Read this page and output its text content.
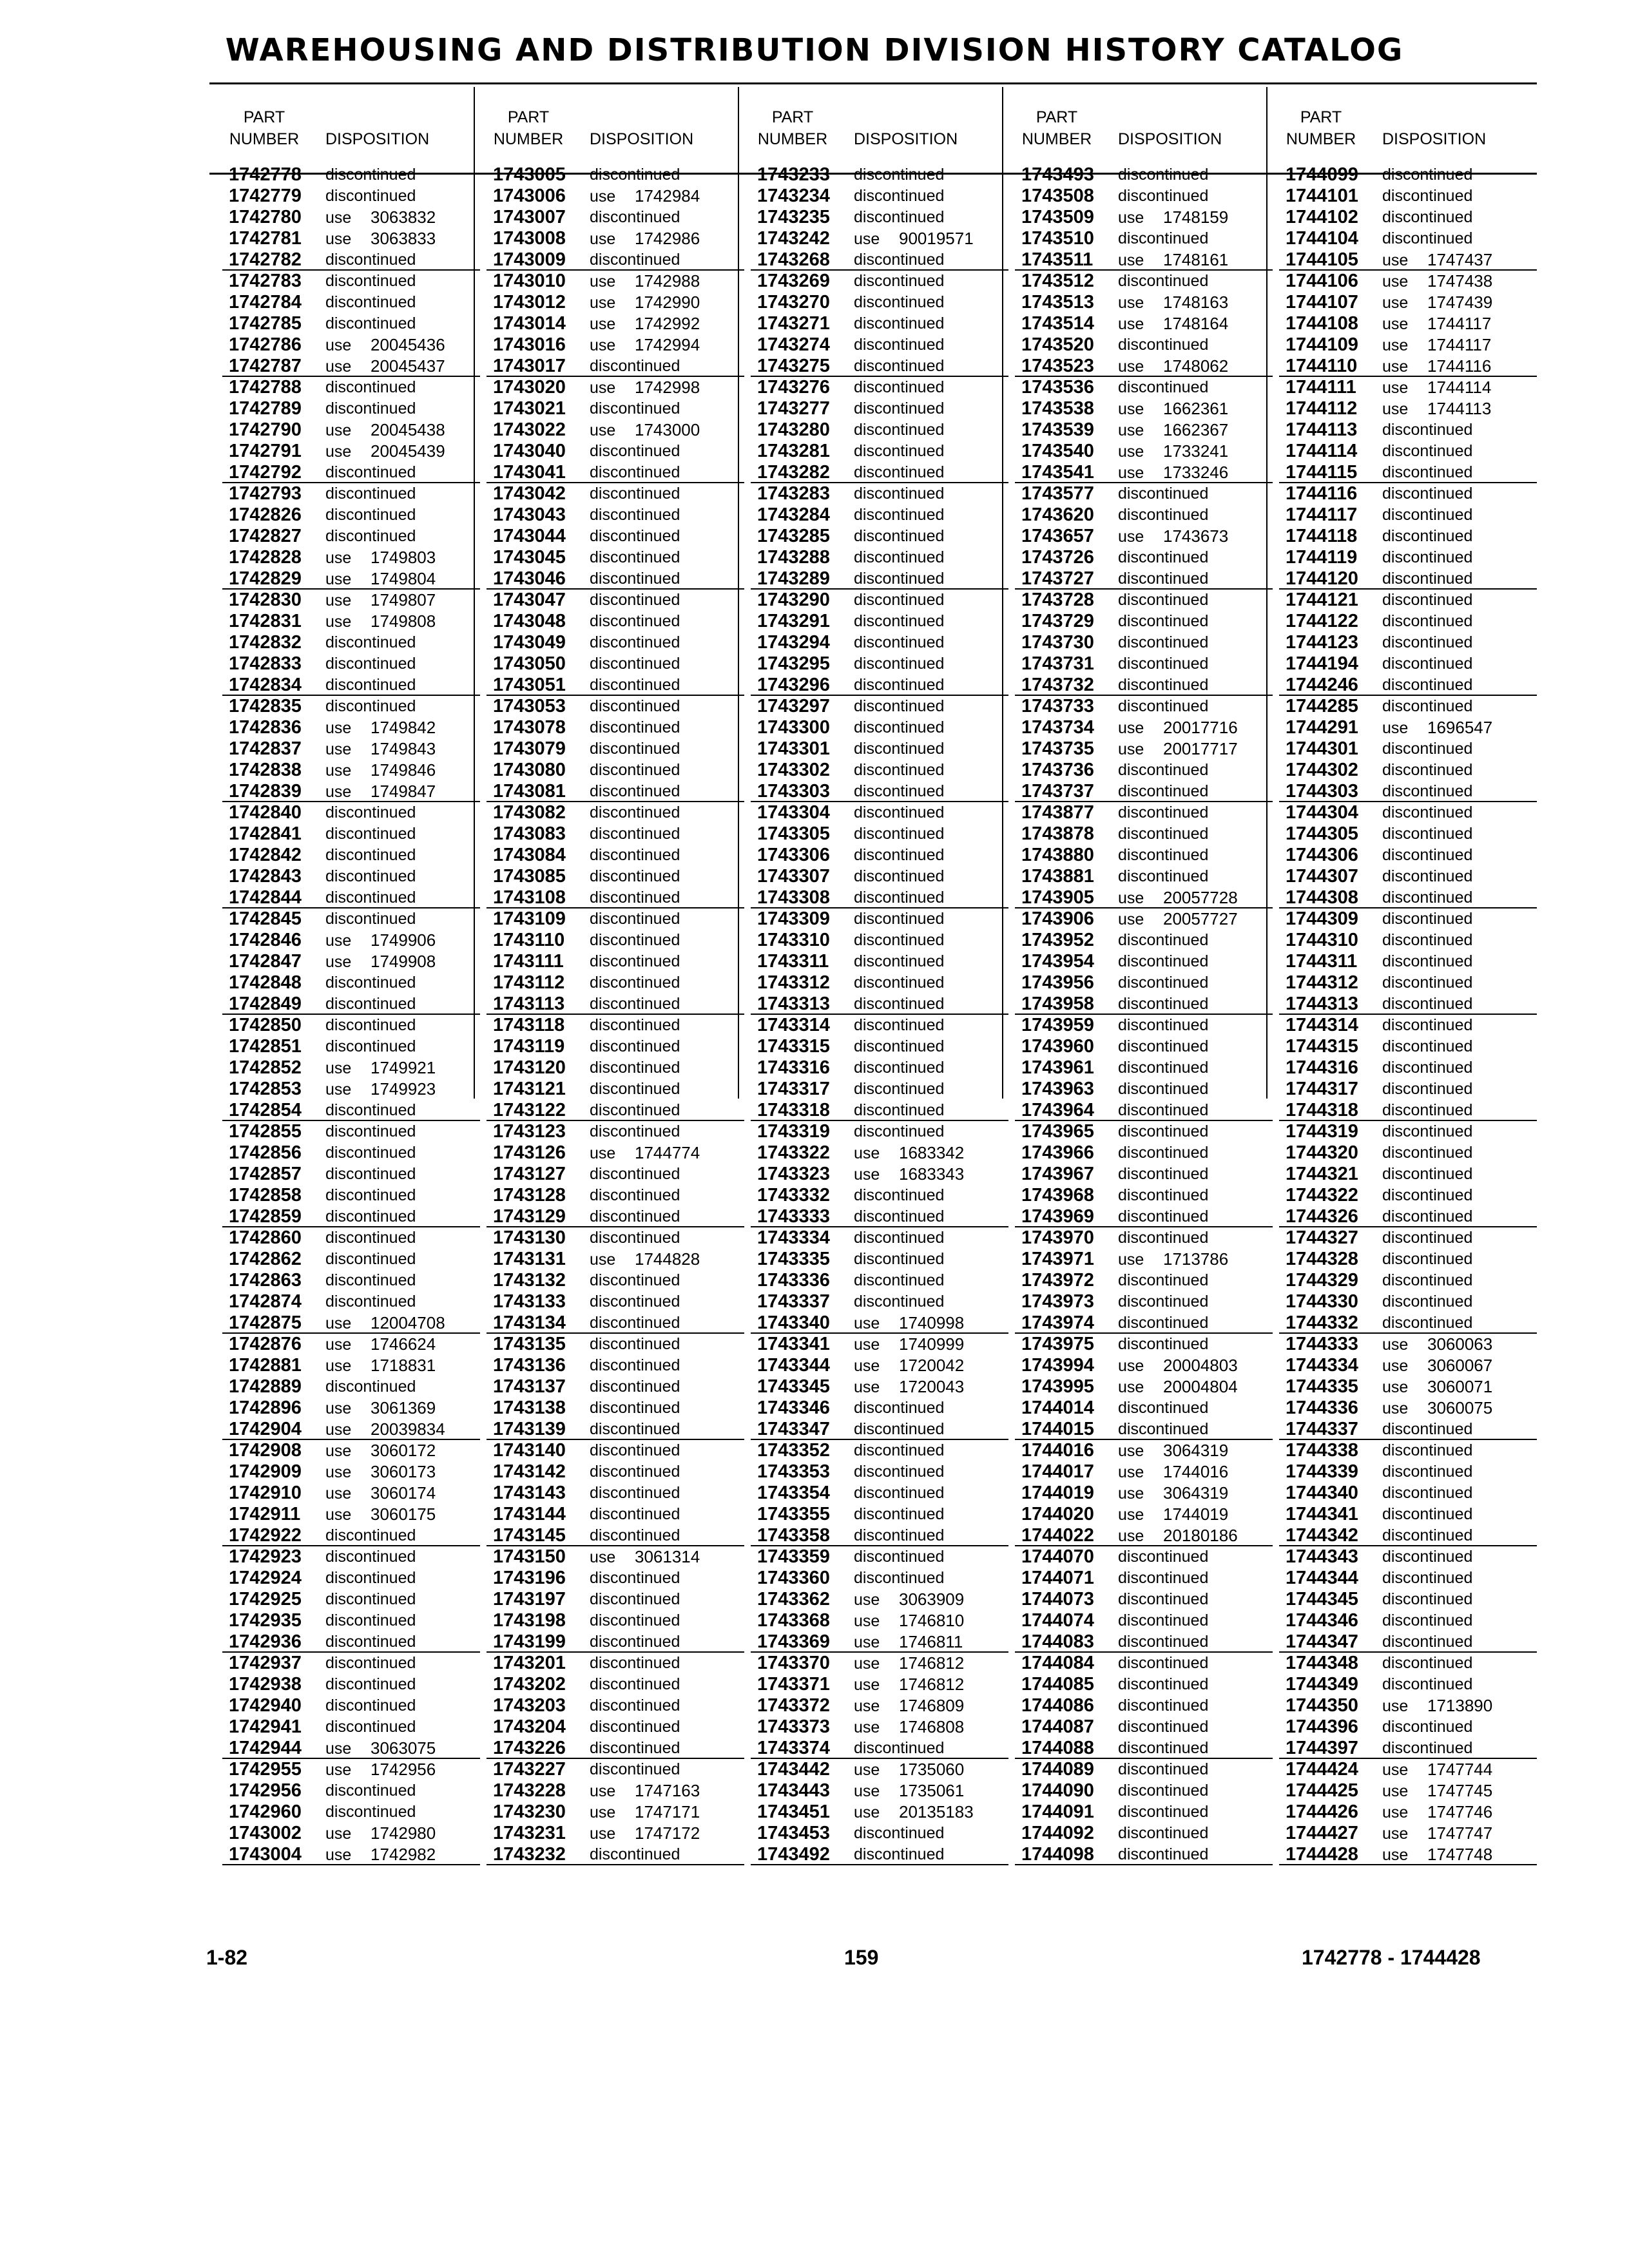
WAREHOUSING AND DISTRIBUTION DIVISION HISTORY CATALOG
PART
NUMBER	DISPOSITION
1742778 discontinued
1742779 discontinued
1742780 use 3063832
1742781 use 3063833
1742782 discontinued
1742783 discontinued
1742784 discontinued
1742785 discontinued
1742786 use 20045436
1742787 use 20045437
1742788 discontinued
1742789 discontinued
1742790 use 20045438
1742791 use 20045439
1742792 discontinued
1742793 discontinued
1742826 discontinued
1742827 discontinued
1742828 use 1749803
1742829 use 1749804
1742830 use 1749807
1742831 use 1749808
1742832 discontinued
1742833 discontinued
1742834 discontinued
1742835 discontinued
1742836 use 1749842
1742837 use 1749843
1742838 use 1749846
1742839 use 1749847
1742840 discontinued
1742841 discontinued
1742842 discontinued
1742843 discontinued
1742844 discontinued
1742845 discontinued
1742846 use 1749906
1742847 use 1749908
1742848 discontinued
1742849 discontinued
1742850 discontinued
1742851 discontinued
1742852 use 1749921
1742853 use 1749923
1742854 discontinued
1742855 discontinued
1742856 discontinued
1742857 discontinued
1742858 discontinued
1742859 discontinued
1742860 discontinued
1742862 discontinued
1742863 discontinued
1742874 discontinued
1742875 use 12004708
1742876 use 1746624
1742881 use 1718831
1742889 discontinued
1742896 use 3061369
1742904 use 20039834
1742908 use 3060172
1742909 use 3060173
1742910 use 3060174
1742911 use 3060175
1742922 discontinued
1742923 discontinued
1742924 discontinued
1742925 discontinued
1742935 discontinued
1742936 discontinued
1742937 discontinued
1742938 discontinued
1742940 discontinued
1742941 discontinued
1742944 use 3063075
1742955 use 1742956
1742956 discontinued
1742960 discontinued
1743002 use 1742980
1743004 use 1742982
PART
NUMBER	DISPOSITION
1743005 discontinued
1743006 use 1742984
1743007 discontinued
1743008 use 1742986
1743009 discontinued
1743010 use 1742988
1743012 use 1742990
1743014 use 1742992
1743016 use 1742994
1743017 discontinued
1743020 use 1742998
1743021 discontinued
1743022 use 1743000
1743040 discontinued
1743041 discontinued
1743042 discontinued
1743043 discontinued
1743044 discontinued
1743045 discontinued
1743046 discontinued
1743047 discontinued
1743048 discontinued
1743049 discontinued
1743050 discontinued
1743051 discontinued
1743053 discontinued
1743078 discontinued
1743079 discontinued
1743080 discontinued
1743081 discontinued
1743082 discontinued
1743083 discontinued
1743084 discontinued
1743085 discontinued
1743108 discontinued
1743109 discontinued
1743110 discontinued
1743111 discontinued
1743112 discontinued
1743113 discontinued
1743118 discontinued
1743119 discontinued
1743120 discontinued
1743121 discontinued
1743122 discontinued
1743123 discontinued
1743126 use 1744774
1743127 discontinued
1743128 discontinued
1743129 discontinued
1743130 discontinued
1743131 use 1744828
1743132 discontinued
1743133 discontinued
1743134 discontinued
1743135 discontinued
1743136 discontinued
1743137 discontinued
1743138 discontinued
1743139 discontinued
1743140 discontinued
1743142 discontinued
1743143 discontinued
1743144 discontinued
1743145 discontinued
1743150 use 3061314
1743196 discontinued
1743197 discontinued
1743198 discontinued
1743199 discontinued
1743201 discontinued
1743202 discontinued
1743203 discontinued
1743204 discontinued
1743226 discontinued
1743227 discontinued
1743228 use 1747163
1743230 use 1747171
1743231 use 1747172
1743232 discontinued
PART
NUMBER	DISPOSITION
1743233 discontinued
1743234 discontinued
1743235 discontinued
1743242 use 90019571
1743268 discontinued
1743269 discontinued
1743270 discontinued
1743271 discontinued
1743274 discontinued
1743275 discontinued
1743276 discontinued
1743277 discontinued
1743280 discontinued
1743281 discontinued
1743282 discontinued
1743283 discontinued
1743284 discontinued
1743285 discontinued
1743288 discontinued
1743289 discontinued
1743290 discontinued
1743291 discontinued
1743294 discontinued
1743295 discontinued
1743296 discontinued
1743297 discontinued
1743300 discontinued
1743301 discontinued
1743302 discontinued
1743303 discontinued
1743304 discontinued
1743305 discontinued
1743306 discontinued
1743307 discontinued
1743308 discontinued
1743309 discontinued
1743310 discontinued
1743311 discontinued
1743312 discontinued
1743313 discontinued
1743314 discontinued
1743315 discontinued
1743316 discontinued
1743317 discontinued
1743318 discontinued
1743319 discontinued
1743322 use 1683342
1743323 use 1683343
1743332 discontinued
1743333 discontinued
1743334 discontinued
1743335 discontinued
1743336 discontinued
1743337 discontinued
1743340 use 1740998
1743341 use 1740999
1743344 use 1720042
1743345 use 1720043
1743346 discontinued
1743347 discontinued
1743352 discontinued
1743353 discontinued
1743354 discontinued
1743355 discontinued
1743358 discontinued
1743359 discontinued
1743360 discontinued
1743362 use 3063909
1743368 use 1746810
1743369 use 1746811
1743370 use 1746812
1743371 use 1746812
1743372 use 1746809
1743373 use 1746808
1743374 discontinued
1743442 use 1735060
1743443 use 1735061
1743451 use 20135183
1743453 discontinued
1743492 discontinued
PART
NUMBER	DISPOSITION
1743493 discontinued
1743508 discontinued
1743509 use 1748159
1743510 discontinued
1743511 use 1748161
1743512 discontinued
1743513 use 1748163
1743514 use 1748164
1743520 discontinued
1743523 use 1748062
1743536 discontinued
1743538 use 1662361
1743539 use 1662367
1743540 use 1733241
1743541 use 1733246
1743577 discontinued
1743620 discontinued
1743657 use 1743673
1743726 discontinued
1743727 discontinued
1743728 discontinued
1743729 discontinued
1743730 discontinued
1743731 discontinued
1743732 discontinued
1743733 discontinued
1743734 use 20017716
1743735 use 20017717
1743736 discontinued
1743737 discontinued
1743877 discontinued
1743878 discontinued
1743880 discontinued
1743881 discontinued
1743905 use 20057728
1743906 use 20057727
1743952 discontinued
1743954 discontinued
1743956 discontinued
1743958 discontinued
1743959 discontinued
1743960 discontinued
1743961 discontinued
1743963 discontinued
1743964 discontinued
1743965 discontinued
1743966 discontinued
1743967 discontinued
1743968 discontinued
1743969 discontinued
1743970 discontinued
1743971 use 1713786
1743972 discontinued
1743973 discontinued
1743974 discontinued
1743975 discontinued
1743994 use 20004803
1743995 use 20004804
1744014 discontinued
1744015 discontinued
1744016 use 3064319
1744017 use 1744016
1744019 use 3064319
1744020 use 1744019
1744022 use 20180186
1744070 discontinued
1744071 discontinued
1744073 discontinued
1744074 discontinued
1744083 discontinued
1744084 discontinued
1744085 discontinued
1744086 discontinued
1744087 discontinued
1744088 discontinued
1744089 discontinued
1744090 discontinued
1744091 discontinued
1744092 discontinued
1744098 discontinued
PART
NUMBER	DISPOSITION
1744099 discontinued
1744101 discontinued
1744102 discontinued
1744104 discontinued
1744105 use 1747437
1744106 use 1747438
1744107 use 1747439
1744108 use 1744117
1744109 use 1744117
1744110 use 1744116
1744111 use 1744114
1744112 use 1744113
1744113 discontinued
1744114 discontinued
1744115 discontinued
1744116 discontinued
1744117 discontinued
1744118 discontinued
1744119 discontinued
1744120 discontinued
1744121 discontinued
1744122 discontinued
1744123 discontinued
1744194 discontinued
1744246 discontinued
1744285 discontinued
1744291 use 1696547
1744301 discontinued
1744302 discontinued
1744303 discontinued
1744304 discontinued
1744305 discontinued
1744306 discontinued
1744307 discontinued
1744308 discontinued
1744309 discontinued
1744310 discontinued
1744311 discontinued
1744312 discontinued
1744313 discontinued
1744314 discontinued
1744315 discontinued
1744316 discontinued
1744317 discontinued
1744318 discontinued
1744319 discontinued
1744320 discontinued
1744321 discontinued
1744322 discontinued
1744326 discontinued
1744327 discontinued
1744328 discontinued
1744329 discontinued
1744330 discontinued
1744332 discontinued
1744333 use 3060063
1744334 use 3060067
1744335 use 3060071
1744336 use 3060075
1744337 discontinued
1744338 discontinued
1744339 discontinued
1744340 discontinued
1744341 discontinued
1744342 discontinued
1744343 discontinued
1744344 discontinued
1744345 discontinued
1744346 discontinued
1744347 discontinued
1744348 discontinued
1744349 discontinued
1744350 use 1713890
1744396 discontinued
1744397 discontinued
1744424 use 1747744
1744425 use 1747745
1744426 use 1747746
1744427 use 1747747
1744428 use 1747748
1-82	159	1742778 - 1744428
